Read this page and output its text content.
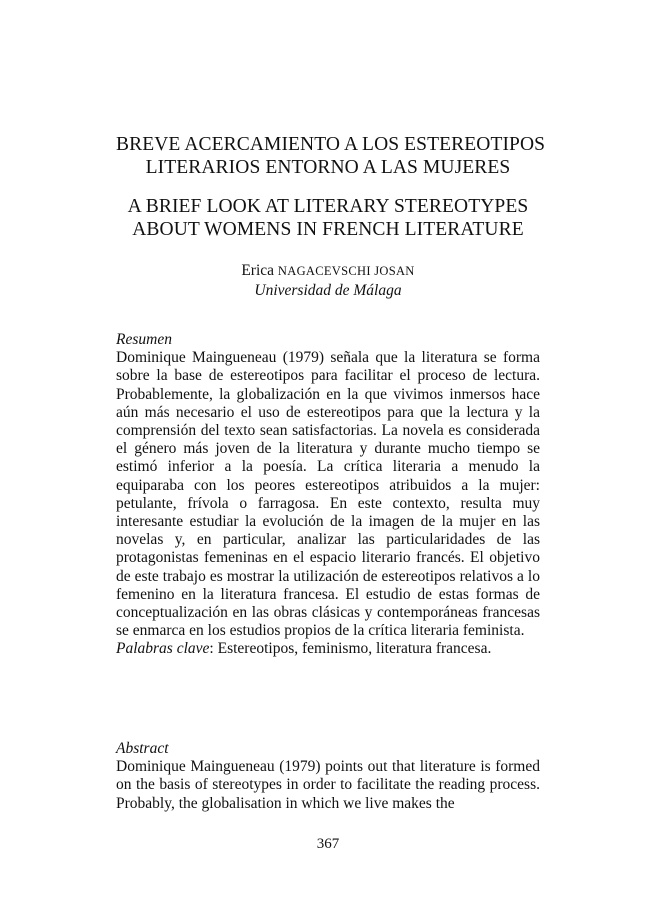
BREVE ACERCAMIENTO A LOS ESTEREOTIPOS
LITERARIOS ENTORNO A LAS MUJERES
A BRIEF LOOK AT LITERARY STEREOTYPES
ABOUT WOMENS IN FRENCH LITERATURE
Erica NAGACEVSCHI JOSAN
Universidad de Málaga
Resumen

Dominique Maingueneau (1979) señala que la literatura se forma sobre la base de estereotipos para facilitar el proceso de lectura. Probablemente, la globalización en la que vivimos inmersos hace aún más necesario el uso de estereotipos para que la lectura y la comprensión del texto sean satisfactorias. La novela es considerada el género más joven de la literatura y durante mucho tiempo se estimó inferior a la poesía. La crítica literaria a menudo la equiparaba con los peores estereotipos atribuidos a la mujer: petulante, frívola o farragosa. En este contexto, resulta muy interesante estudiar la evolución de la imagen de la mujer en las novelas y, en particular, analizar las particularidades de las protagonistas femeninas en el espacio literario francés. El objetivo de este trabajo es mostrar la utilización de estereotipos relativos a lo femenino en la literatura francesa. El estudio de estas formas de conceptualización en las obras clásicas y contemporáneas francesas se enmarca en los estudios propios de la crítica literaria feminista.

Palabras clave: Estereotipos, feminismo, literatura francesa.

Abstract

Dominique Maingueneau (1979) points out that literature is formed on the basis of stereotypes in order to facilitate the reading process. Probably, the globalisation in which we live makes the

367
